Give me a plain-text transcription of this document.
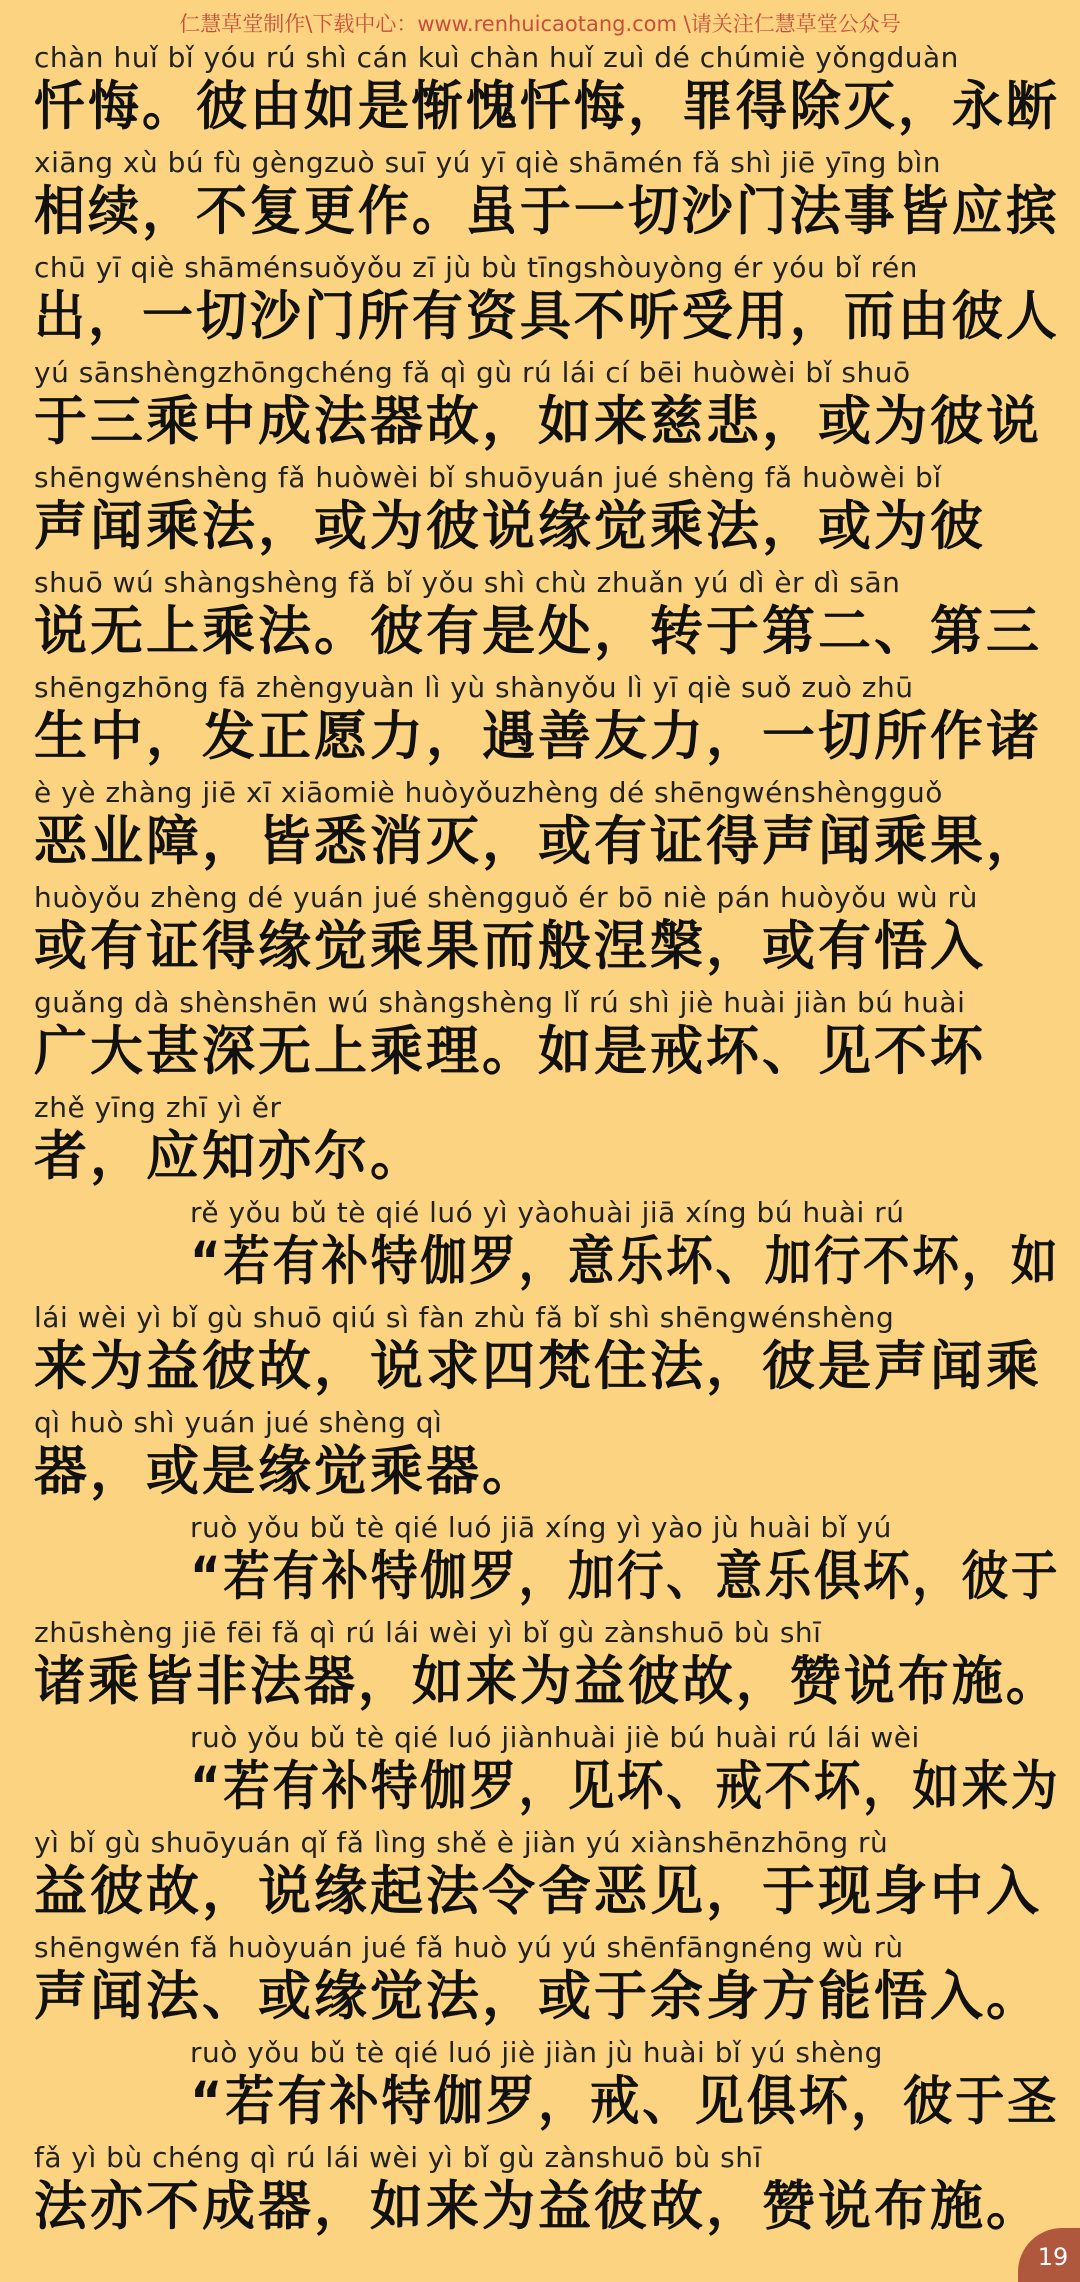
仁慧草堂制作\下载中心：www.renhuicaotang.com \请关注仁慧草堂公众号
chàn huǐ bǐ yóu rú shì cán kuì chàn huǐ zuì dé chúmiè yǒngduàn
忏悔。彼由如是惭愧忏悔，罪得除灭，永断
xiāng xù bú fù gèngzuò suī yú yī qiè shāmén fǎ shì jiē yīng bìn
相续，不复更作。虽于一切沙门法事皆应摈
chū yī qiè shāménsuǒyǒu zī jù bù tīngshòuyòng ér yóu bǐ rén
出，一切沙门所有资具不听受用，而由彼人
yú sānshèngzhōngchéng fǎ qì gù rú lái cí bēi huòwèi bǐ shuō
于三乘中成法器故，如来慈悲，或为彼说
shēngwénshèng fǎ huòwèi bǐ shuōyuán jué shèng fǎ huòwèi bǐ
声闻乘法，或为彼说缘觉乘法，或为彼
shuō wú shàngshèng fǎ bǐ yǒu shì chù zhuǎn yú dì èr dì sān
说无上乘法。彼有是处，转于第二、第三
shēngzhōng fā zhèngyuàn lì yù shànyǒu lì yī qiè suǒ zuò zhū
生中，发正愿力，遇善友力，一切所作诸
è yè zhàng jiē xī xiāomiè huòyǒuzhèng dé shēngwénshèngguǒ
恶业障，皆悉消灭，或有证得声闻乘果，
huòyǒu zhèng dé yuán jué shèngguǒ ér bō niè pán huòyǒu wù rù
或有证得缘觉乘果而般涅槃，或有悟入
guǎng dà shènshēn wú shàngshèng lǐ rú shì jiè huài jiàn bú huài
广大甚深无上乘理。如是戒坏、见不坏
zhě yīng zhī yì ěr
者，应知亦尔。
rě yǒu bǔ tè qié luó yì yàohuài jiā xíng bú huài rú
“若有补特伽罗，意乐坏、加行不坏，如
lái wèi yì bǐ gù shuō qiú sì fàn zhù fǎ bǐ shì shēngwénshèng
来为益彼故，说求四梵住法，彼是声闻乘
qì huò shì yuán jué shèng qì
器，或是缘觉乘器。
ruò yǒu bǔ tè qié luó jiā xíng yì yào jù huài bǐ yú
“若有补特伽罗，加行、意乐俱坏，彼于
zhūshèng jiē fēi fǎ qì rú lái wèi yì bǐ gù zànshuō bù shī
诸乘皆非法器，如来为益彼故，赞说布施。
ruò yǒu bǔ tè qié luó jiànhuài jiè bú huài rú lái wèi
“若有补特伽罗，见坏、戒不坏，如来为
yì bǐ gù shuōyuán qǐ fǎ lìng shě è jiàn yú xiànshēnzhōng rù
益彼故，说缘起法令舍恶见，于现身中入
shēngwén fǎ huòyuán jué fǎ huò yú yú shēnfāngnéng wù rù
声闻法、或缘觉法，或于余身方能悟入。
ruò yǒu bǔ tè qié luó jiè jiàn jù huài bǐ yú shèng
“若有补特伽罗，戒、见俱坏，彼于圣
fǎ yì bù chéng qì rú lái wèi yì bǐ gù zànshuō bù shī
法亦不成器，如来为益彼故，赞说布施。
19
